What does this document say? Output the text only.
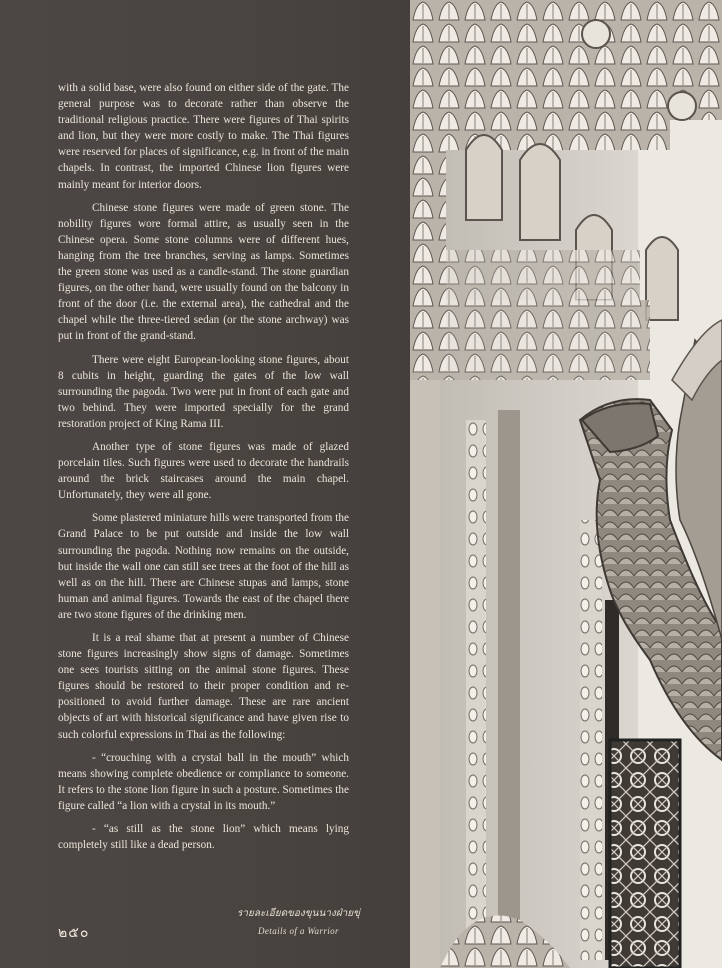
with a solid base, were also found on either side of the gate. The general purpose was to decorate rather than observe the traditional religious practice. There were figures of Thai spirits and lion, but they were more costly to make. The Thai figures were reserved for places of significance, e.g. in front of the main chapels. In contrast, the imported Chinese lion figures were mainly meant for interior doors.

Chinese stone figures were made of green stone. The nobility figures wore formal attire, as usually seen in the Chinese opera. Some stone columns were of different hues, hanging from the tree branches, serving as lamps. Sometimes the green stone was used as a candle-stand. The stone guardian figures, on the other hand, were usually found on the balcony in front of the door (i.e. the external area), the cathedral and the chapel while the three-tiered sedan (or the stone archway) was put in front of the grand-stand.

There were eight European-looking stone figures, about 8 cubits in height, guarding the gates of the low wall surrounding the pagoda. Two were put in front of each gate and two behind. They were imported specially for the grand restoration project of King Rama III.

Another type of stone figures was made of glazed porcelain tiles. Such figures were used to decorate the handrails around the brick staircases around the main chapel. Unfortunately, they were all gone.

Some plastered miniature hills were transported from the Grand Palace to be put outside and inside the low wall surrounding the pagoda. Nothing now remains on the outside, but inside the wall one can still see trees at the foot of the hill as well as on the hill. There are Chinese stupas and lamps, stone human and animal figures. Towards the east of the chapel there are two stone figures of the drinking men.

It is a real shame that at present a number of Chinese stone figures increasingly show signs of damage. Sometimes one sees tourists sitting on the animal stone figures. These figures should be restored to their proper condition and re-positioned to avoid further damage. These are rare ancient objects of art with historical significance and have given rise to such colorful expressions in Thai as the following:

- “crouching with a crystal ball in the mouth” which means showing complete obedience or compliance to someone. It refers to the stone lion figure in such a posture. Sometimes the figure called “a lion with a crystal in its mouth.”

- “as still as the stone lion” which means lying completely still like a dead person.

รายละเอียดของขุนนางฝ่ายขุ่
๒๕๐	Details of a Warrior
